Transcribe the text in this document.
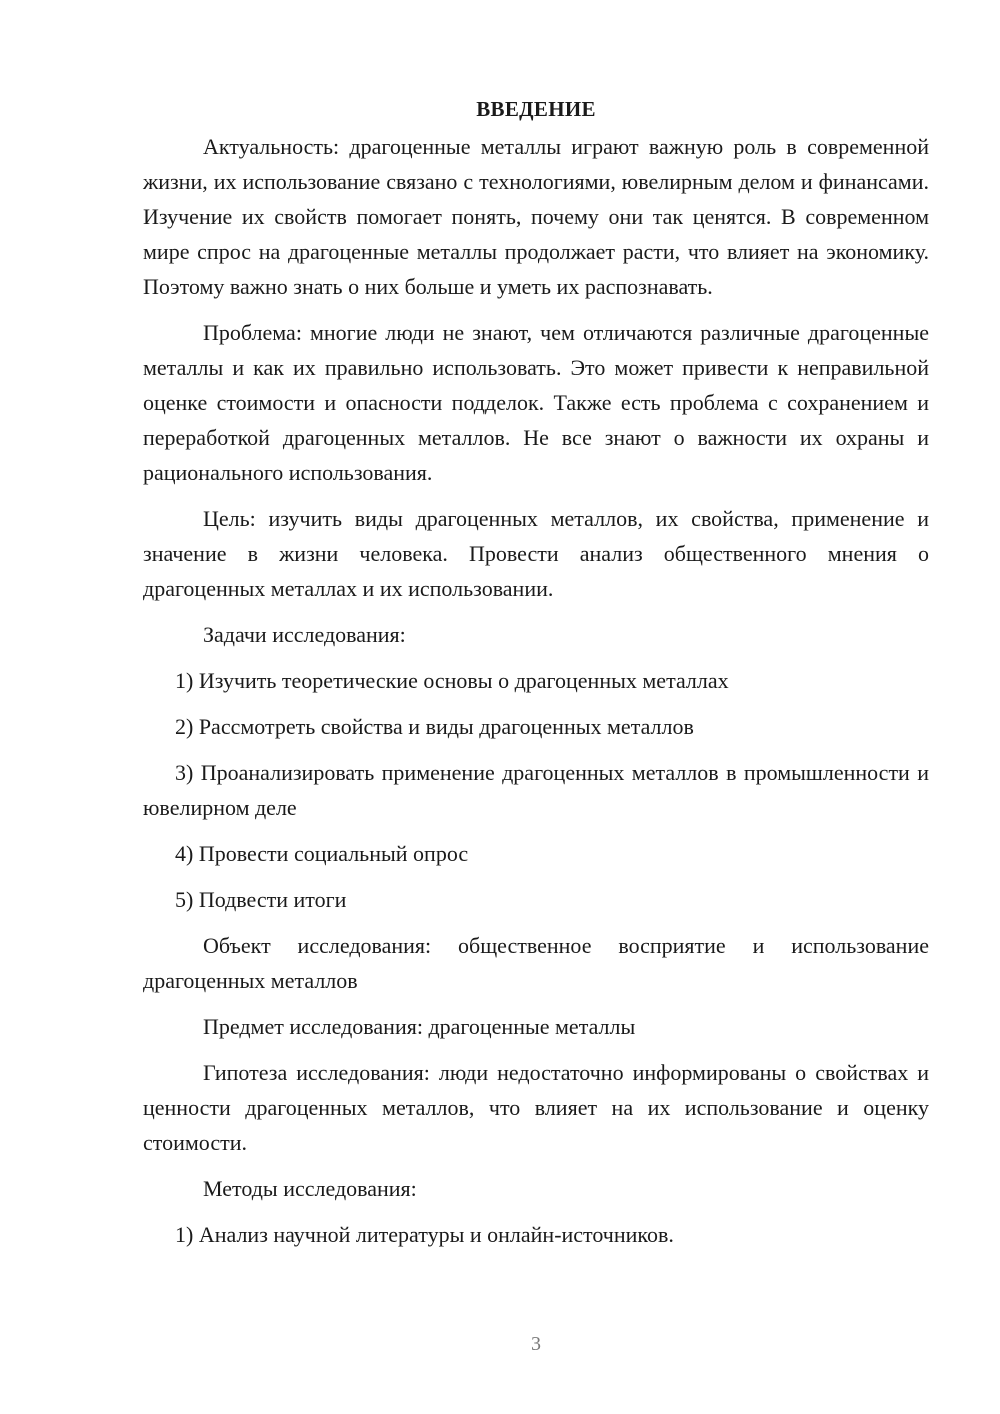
ВВЕДЕНИЕ

Актуальность: драгоценные металлы играют важную роль в современной жизни, их использование связано с технологиями, ювелирным делом и финансами. Изучение их свойств помогает понять, почему они так ценятся. В современном мире спрос на драгоценные металлы продолжает расти, что влияет на экономику. Поэтому важно знать о них больше и уметь их распознавать.

Проблема: многие люди не знают, чем отличаются различные драгоценные металлы и как их правильно использовать. Это может привести к неправильной оценке стоимости и опасности подделок. Также есть проблема с сохранением и переработкой драгоценных металлов. Не все знают о важности их охраны и рационального использования.

Цель: изучить виды драгоценных металлов, их свойства, применение и значение в жизни человека. Провести анализ общественного мнения о драгоценных металлах и их использовании.

Задачи исследования:

1) Изучить теоретические основы о драгоценных металлах

2) Рассмотреть свойства и виды драгоценных металлов

3) Проанализировать применение драгоценных металлов в промышленности и ювелирном деле

4) Провести социальный опрос

5) Подвести итоги

Объект исследования: общественное восприятие и использование драгоценных металлов

Предмет исследования: драгоценные металлы

Гипотеза исследования: люди недостаточно информированы о свойствах и ценности драгоценных металлов, что влияет на их использование и оценку стоимости.

Методы исследования:

1) Анализ научной литературы и онлайн-источников.

3
